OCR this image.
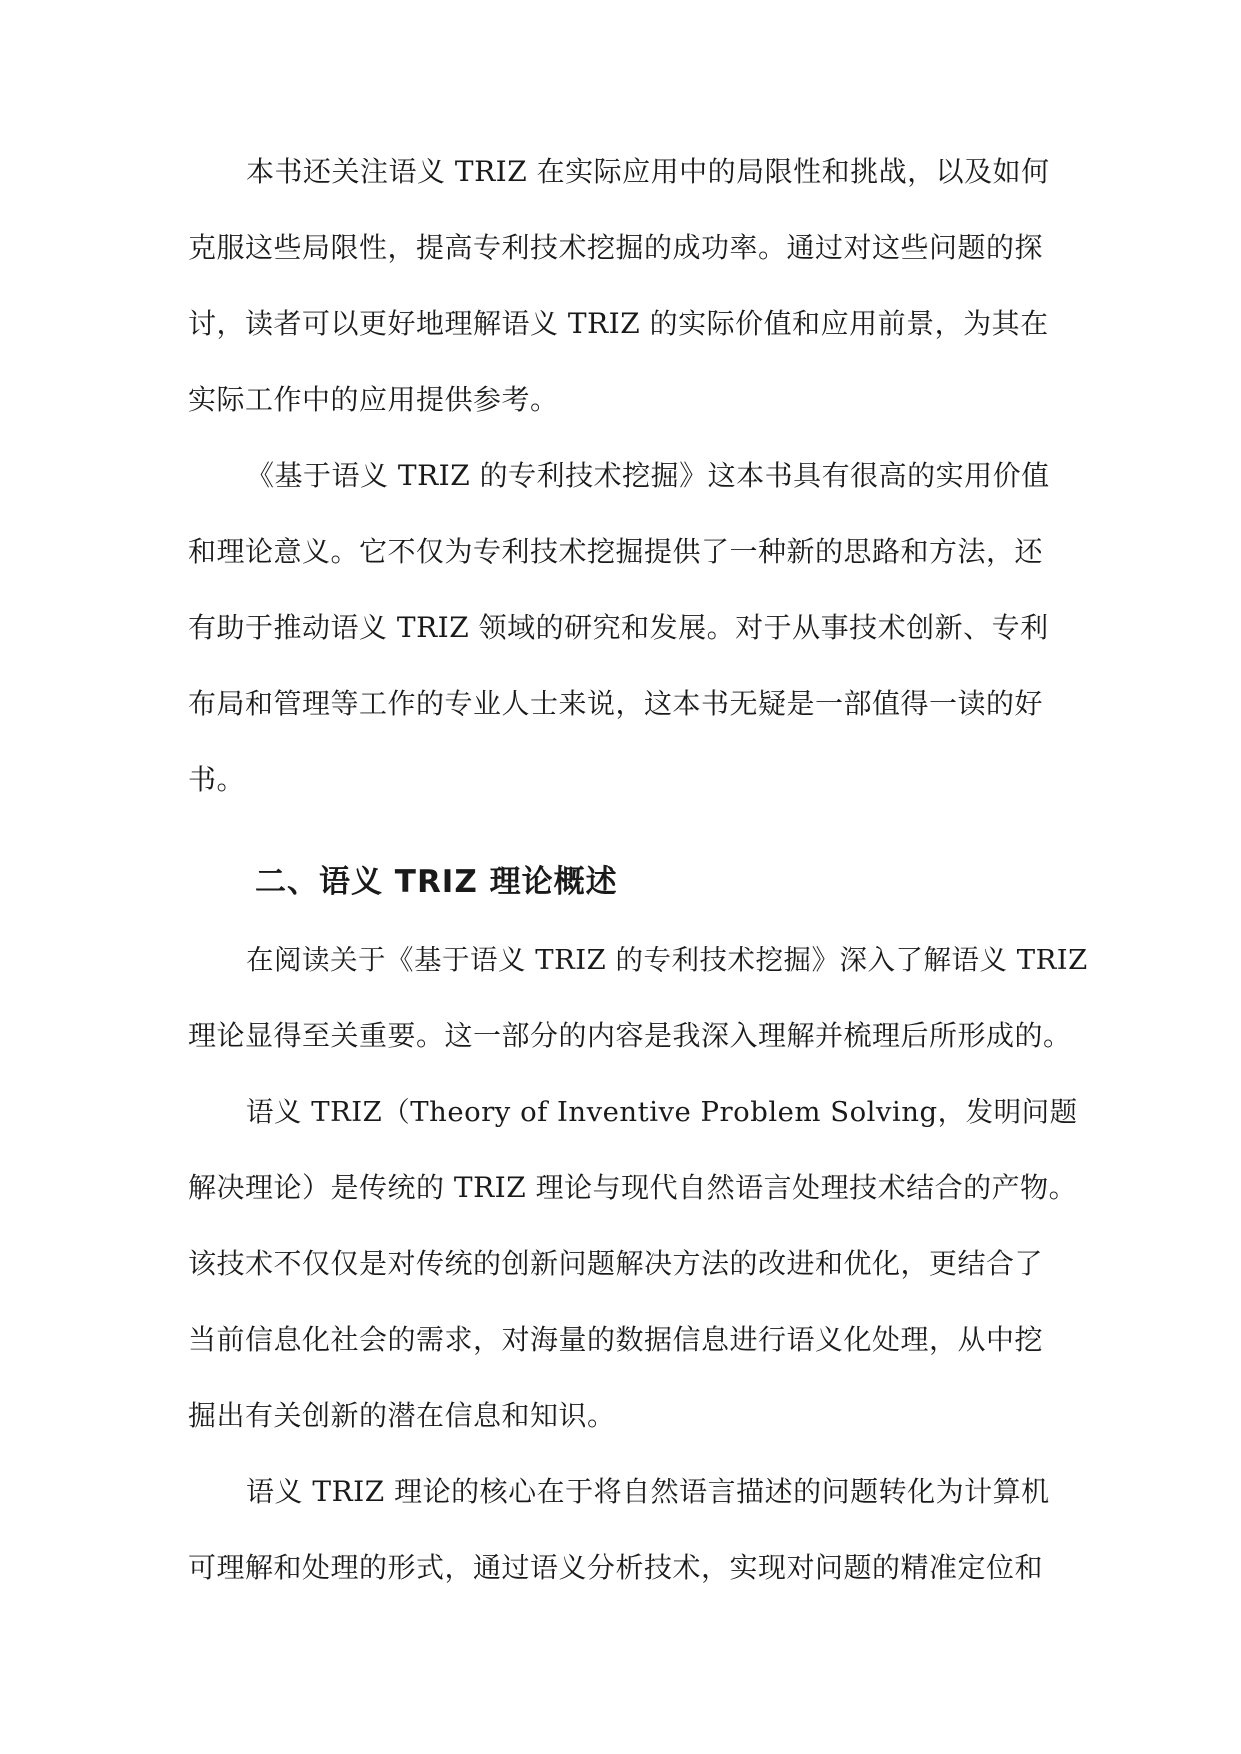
本书还关注语义 TRIZ 在实际应用中的局限性和挑战，以及如何
克服这些局限性，提高专利技术挖掘的成功率。通过对这些问题的探
讨，读者可以更好地理解语义 TRIZ 的实际价值和应用前景，为其在
实际工作中的应用提供参考。
《基于语义 TRIZ 的专利技术挖掘》这本书具有很高的实用价值
和理论意义。它不仅为专利技术挖掘提供了一种新的思路和方法，还
有助于推动语义 TRIZ 领域的研究和发展。对于从事技术创新、专利
布局和管理等工作的专业人士来说，这本书无疑是一部值得一读的好
书。
二、语义 TRIZ 理论概述
在阅读关于《基于语义 TRIZ 的专利技术挖掘》深入了解语义 TRIZ
理论显得至关重要。这一部分的内容是我深入理解并梳理后所形成的。
语义 TRIZ（Theory of Inventive Problem Solving，发明问题
解决理论）是传统的 TRIZ 理论与现代自然语言处理技术结合的产物。
该技术不仅仅是对传统的创新问题解决方法的改进和优化，更结合了
当前信息化社会的需求，对海量的数据信息进行语义化处理，从中挖
掘出有关创新的潜在信息和知识。
语义 TRIZ 理论的核心在于将自然语言描述的问题转化为计算机
可理解和处理的形式，通过语义分析技术，实现对问题的精准定位和
